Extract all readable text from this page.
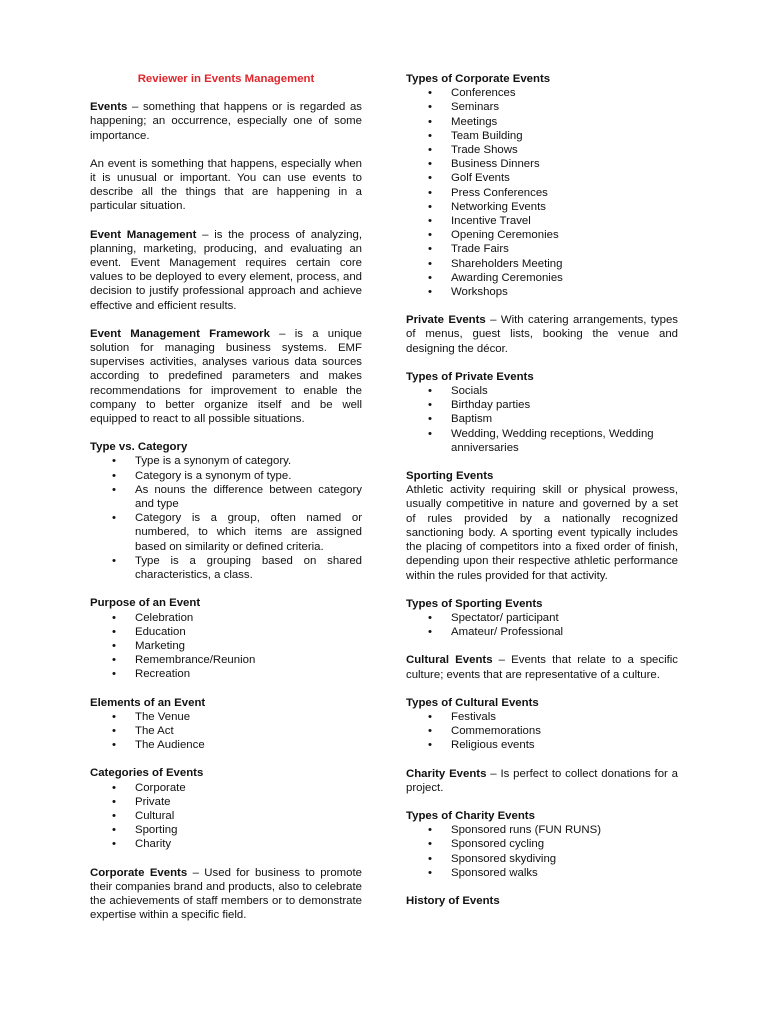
Reviewer in Events Management

Events – something that happens or is regarded as happening; an occurrence, especially one of some importance.

An event is something that happens, especially when it is unusual or important. You can use events to describe all the things that are happening in a particular situation.

Event Management – is the process of analyzing, planning, marketing, producing, and evaluating an event. Event Management requires certain core values to be deployed to every element, process, and decision to justify professional approach and achieve effective and efficient results.

Event Management Framework – is a unique solution for managing business systems. EMF supervises activities, analyses various data sources according to predefined parameters and makes recommendations for improvement to enable the company to better organize itself and be well equipped to react to all possible situations.

Type vs. Category
• Type is a synonym of category.
• Category is a synonym of type.
• As nouns the difference between category and type
• Category is a group, often named or numbered, to which items are assigned based on similarity or defined criteria.
• Type is a grouping based on shared characteristics, a class.
Purpose of an Event
• Celebration
• Education
• Marketing
• Remembrance/Reunion
• Recreation
Elements of an Event
• The Venue
• The Act
• The Audience
Categories of Events
• Corporate
• Private
• Cultural
• Sporting
• Charity

Corporate Events – Used for business to promote their companies brand and products, also to celebrate the achievements of staff members or to demonstrate expertise within a specific field.

Types of Corporate Events
• Conferences
• Seminars
• Meetings
• Team Building
• Trade Shows
• Business Dinners
• Golf Events
• Press Conferences
• Networking Events
• Incentive Travel
• Opening Ceremonies
• Trade Fairs
• Shareholders Meeting
• Awarding Ceremonies
• Workshops

Private Events – With catering arrangements, types of menus, guest lists, booking the venue and designing the décor.

Types of Private Events
• Socials
• Birthday parties
• Baptism
• Wedding, Wedding receptions, Wedding anniversaries
Sporting Events

Athletic activity requiring skill or physical prowess, usually competitive in nature and governed by a set of rules provided by a nationally recognized sanctioning body. A sporting event typically includes the placing of competitors into a fixed order of finish, depending upon their respective athletic performance within the rules provided for that activity.

Types of Sporting Events
• Spectator/ participant
• Amateur/ Professional

Cultural Events – Events that relate to a specific culture; events that are representative of a culture.

Types of Cultural Events
• Festivals
• Commemorations
• Religious events

Charity Events – Is perfect to collect donations for a project.

Types of Charity Events
• Sponsored runs (FUN RUNS)
• Sponsored cycling
• Sponsored skydiving
• Sponsored walks
History of Events
